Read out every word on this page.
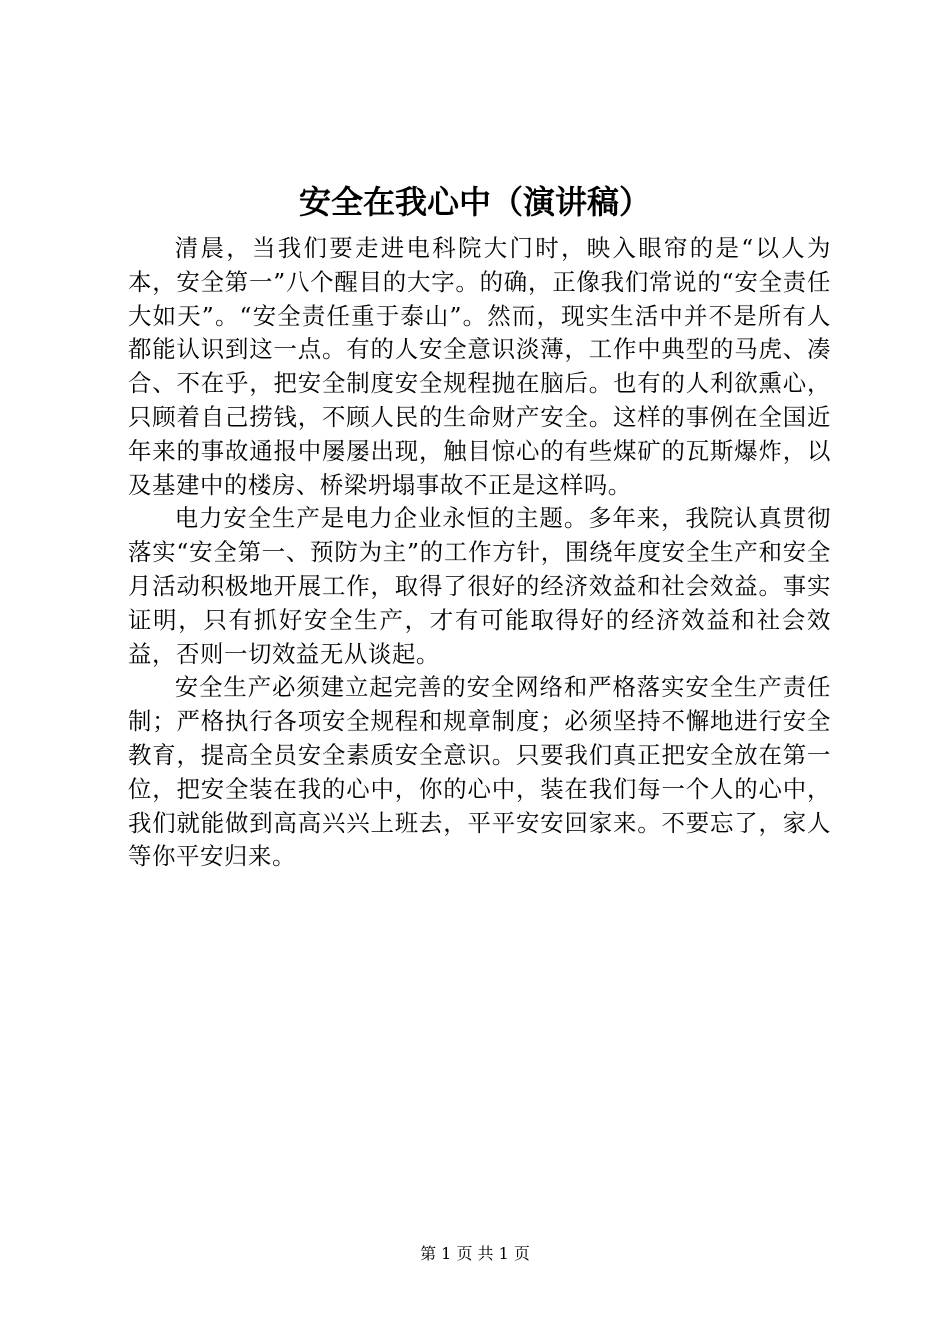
安全在我心中（演讲稿）

清晨，当我们要走进电科院大门时，映入眼帘的是“以人为本，安全第一”八个醒目的大字。的确，正像我们常说的“安全责任大如天”。“安全责任重于泰山”。然而，现实生活中并不是所有人都能认识到这一点。有的人安全意识淡薄，工作中典型的马虎、凑合、不在乎，把安全制度安全规程抛在脑后。也有的人利欲熏心，只顾着自己捞钱，不顾人民的生命财产安全。这样的事例在全国近年来的事故通报中屡屡出现，触目惊心的有些煤矿的瓦斯爆炸，以及基建中的楼房、桥梁坍塌事故不正是这样吗。

电力安全生产是电力企业永恒的主题。多年来，我院认真贯彻落实“安全第一、预防为主”的工作方针，围绕年度安全生产和安全月活动积极地开展工作，取得了很好的经济效益和社会效益。事实证明，只有抓好安全生产，才有可能取得好的经济效益和社会效益，否则一切效益无从谈起。

安全生产必须建立起完善的安全网络和严格落实安全生产责任制；严格执行各项安全规程和规章制度；必须坚持不懈地进行安全教育，提高全员安全素质安全意识。只要我们真正把安全放在第一位，把安全装在我的心中，你的心中，装在我们每一个人的心中，我们就能做到高高兴兴上班去，平平安安回家来。不要忘了，家人等你平安归来。

第 1 页 共 1 页
